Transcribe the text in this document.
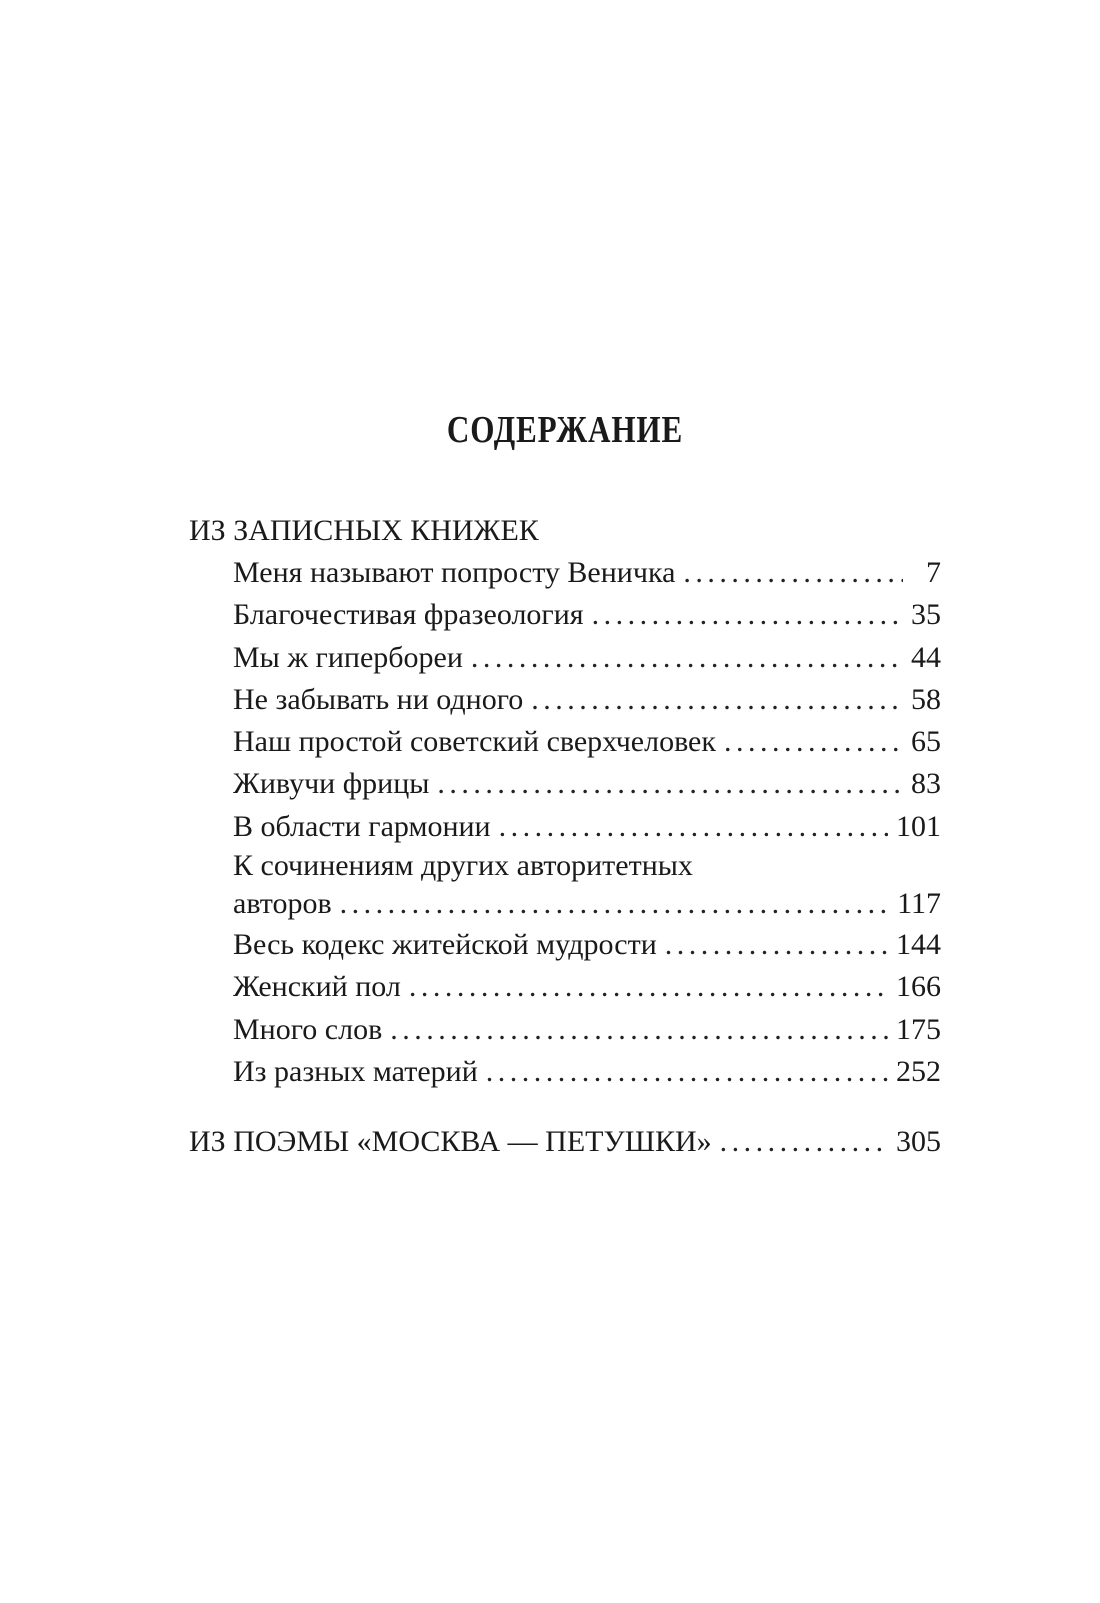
СОДЕРЖАНИЕ
ИЗ ЗАПИСНЫХ КНИЖЕК
Меня называют попросту Веничка .....	7
Благочестивая фразеология .....	35
Мы ж гипербореи .....	44
Не забывать ни одного .....	58
Наш простой советский сверхчеловек .....	65
Живучи фрицы .....	83
В области гармонии .....	101
К сочинениям других авторитетных
авторов .....	117
Весь кодекс житейской мудрости .....	144
Женский пол .....	166
Много слов .....	175
Из разных материй .....	252
ИЗ ПОЭМЫ «МОСКВА — ПЕТУШКИ» .....	305
